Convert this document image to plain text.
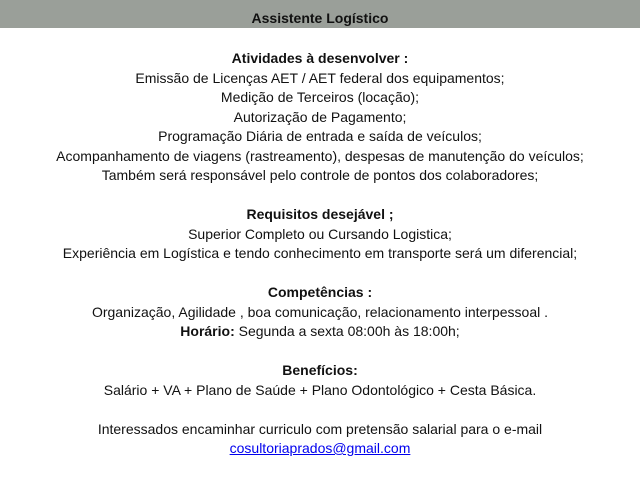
Assistente Logístico
Atividades à desenvolver :
Emissão de Licenças AET / AET federal dos equipamentos;
Medição de Terceiros (locação);
Autorização de Pagamento;
Programação Diária de entrada e saída de veículos;
Acompanhamento de viagens (rastreamento), despesas de manutenção do veículos;
Também será responsável pelo controle de pontos dos colaboradores;
Requisitos desejável ;
Superior Completo ou Cursando Logistica;
Experiência em Logística e tendo conhecimento em transporte será um diferencial;
Competências :
Organização, Agilidade , boa comunicação, relacionamento interpessoal .
Horário: Segunda a sexta 08:00h às 18:00h;
Benefícios:
Salário + VA + Plano de Saúde + Plano Odontológico + Cesta Básica.
Interessados encaminhar curriculo com pretensão salarial para o e-mail
cosultoriaprados@gmail.com
